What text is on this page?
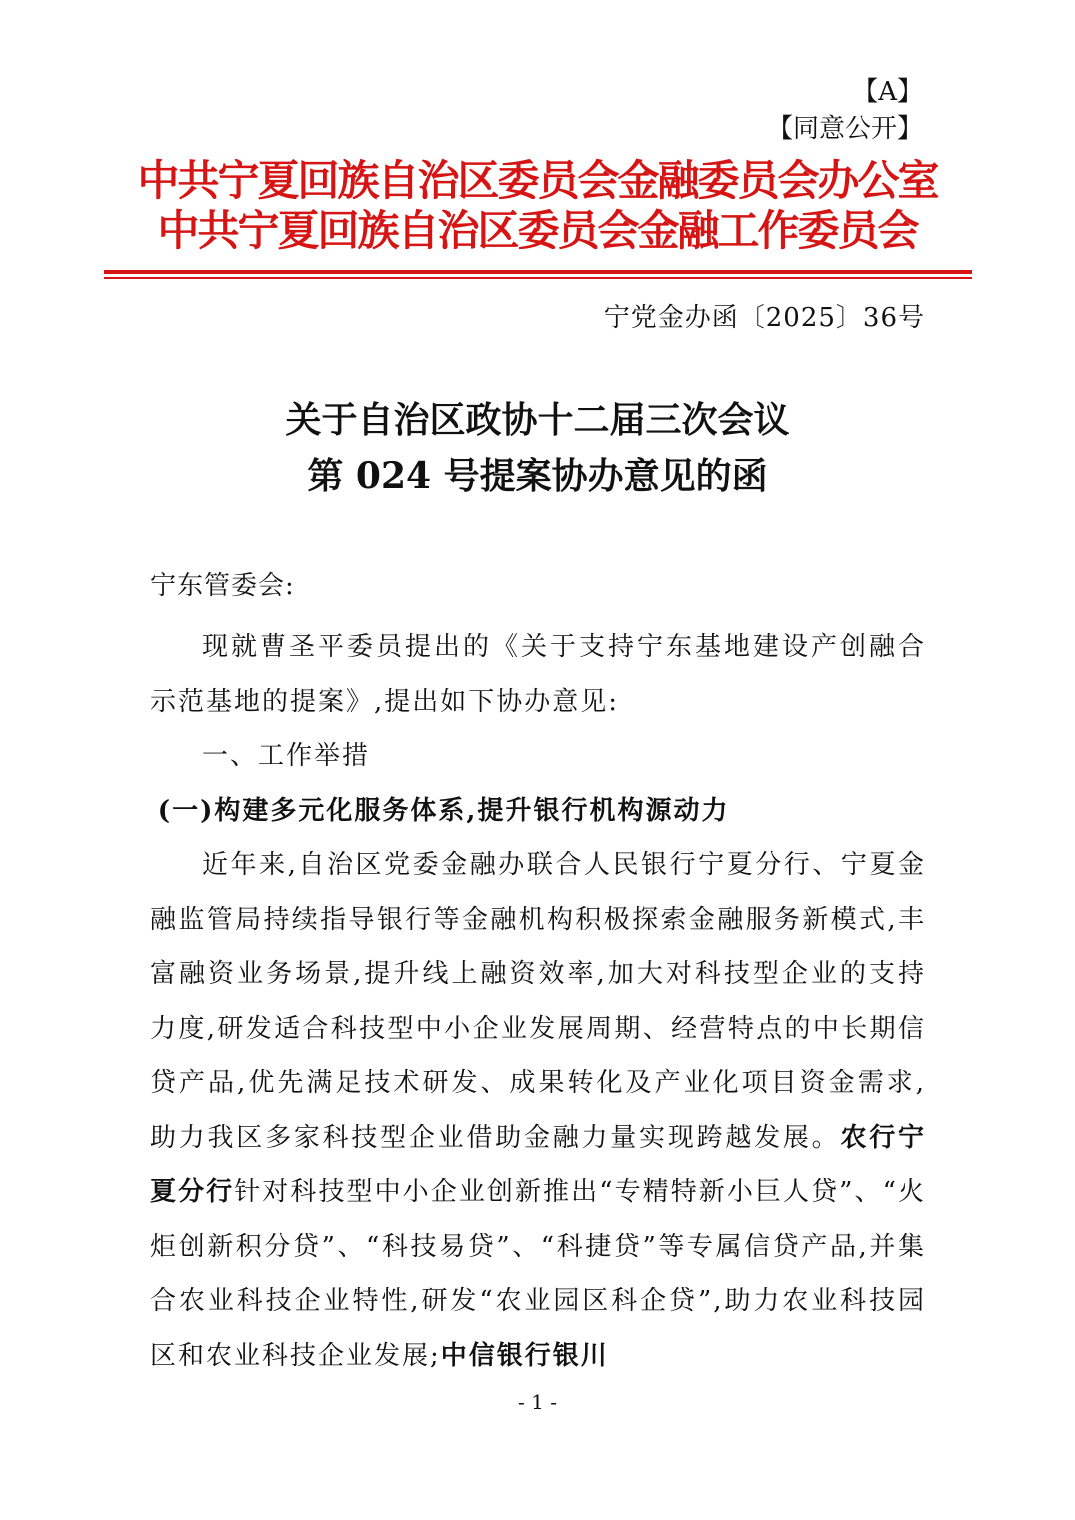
【A】
【同意公开】
中共宁夏回族自治区委员会金融委员会办公室
中共宁夏回族自治区委员会金融工作委员会
宁党金办函〔2025〕36号
关于自治区政协十二届三次会议
第 024 号提案协办意见的函
宁东管委会:

现就曹圣平委员提出的《关于支持宁东基地建设产创融合示范基地的提案》,提出如下协办意见:

一、工作举措

(一)构建多元化服务体系,提升银行机构源动力

近年来,自治区党委金融办联合人民银行宁夏分行、宁夏金融监管局持续指导银行等金融机构积极探索金融服务新模式,丰富融资业务场景,提升线上融资效率,加大对科技型企业的支持力度,研发适合科技型中小企业发展周期、经营特点的中长期信贷产品,优先满足技术研发、成果转化及产业化项目资金需求,助力我区多家科技型企业借助金融力量实现跨越发展。农行宁夏分行针对科技型中小企业创新推出“专精特新小巨人贷”、“火炬创新积分贷”、“科技易贷”、“科捷贷”等专属信贷产品,并集合农业科技企业特性,研发“农业园区科企贷”,助力农业科技园区和农业科技企业发展;中信银行银川

- 1 -
